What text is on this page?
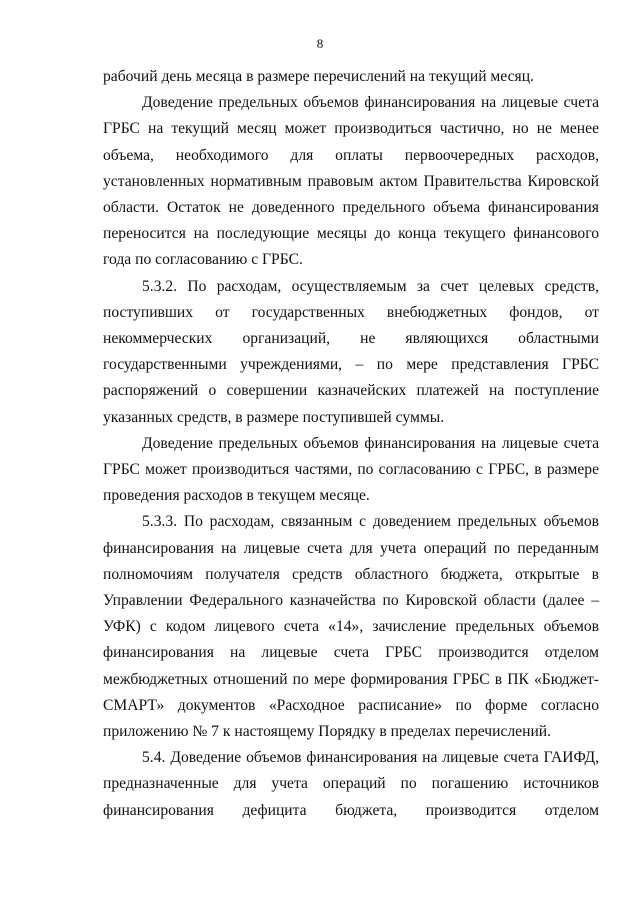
8

рабочий день месяца в размере перечислений на текущий месяц.

Доведение предельных объемов финансирования на лицевые счета ГРБС на текущий месяц может производиться частично, но не менее объема, необходимого для оплаты первоочередных расходов, установленных нормативным правовым актом Правительства Кировской области. Остаток не доведенного предельного объема финансирования переносится на последующие месяцы до конца текущего финансового года по согласованию с ГРБС.

5.3.2. По расходам, осуществляемым за счет целевых средств, поступивших от государственных внебюджетных фондов, от некоммерческих организаций, не являющихся областными государственными учреждениями, – по мере представления ГРБС распоряжений о совершении казначейских платежей на поступление указанных средств, в размере поступившей суммы.

Доведение предельных объемов финансирования на лицевые счета ГРБС может производиться частями, по согласованию с ГРБС, в размере проведения расходов в текущем месяце.

5.3.3. По расходам, связанным с доведением предельных объемов финансирования на лицевые счета для учета операций по переданным полномочиям получателя средств областного бюджета, открытые в Управлении Федерального казначейства по Кировской области (далее – УФК) с кодом лицевого счета «14», зачисление предельных объемов финансирования на лицевые счета ГРБС производится отделом межбюджетных отношений по мере формирования ГРБС в ПК «Бюджет-СМАРТ» документов «Расходное расписание» по форме согласно приложению № 7 к настоящему Порядку в пределах перечислений.

5.4. Доведение объемов финансирования на лицевые счета ГАИФД, предназначенные для учета операций по погашению источников финансирования дефицита бюджета, производится отделом
